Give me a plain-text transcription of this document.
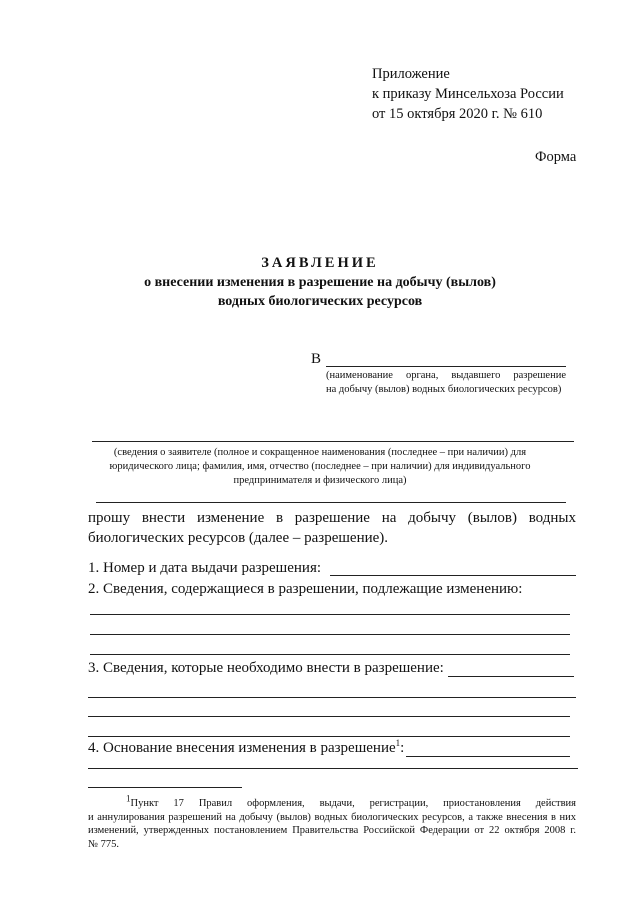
Приложение
к приказу Минсельхоза России
от 15 октября 2020 г. № 610
Форма
ЗАЯВЛЕНИЕ
о внесении изменения в разрешение на добычу (вылов)
водных биологических ресурсов
В
(наименование органа, выдавшего разрешение
на добычу (вылов) водных биологических ресурсов)
(сведения о заявителе (полное и сокращенное наименования (последнее – при наличии) для
юридического лица; фамилия, имя, отчество (последнее – при наличии) для индивидуального
предпринимателя и физического лица)
прошу внести изменение в разрешение на добычу (вылов) водных
биологических ресурсов (далее – разрешение).
1. Номер и дата выдачи разрешения:
2. Сведения, содержащиеся в разрешении, подлежащие изменению:
3. Сведения, которые необходимо внести в разрешение:
4. Основание внесения изменения в разрешение$^1$:
$^1$Пункт 17 Правил оформления, выдачи, регистрации, приостановления действия
и аннулирования разрешений на добычу (вылов) водных биологических ресурсов, а также внесения в них
изменений, утвержденных постановлением Правительства Российской Федерации от 22 октября 2008 г.
№ 775.
